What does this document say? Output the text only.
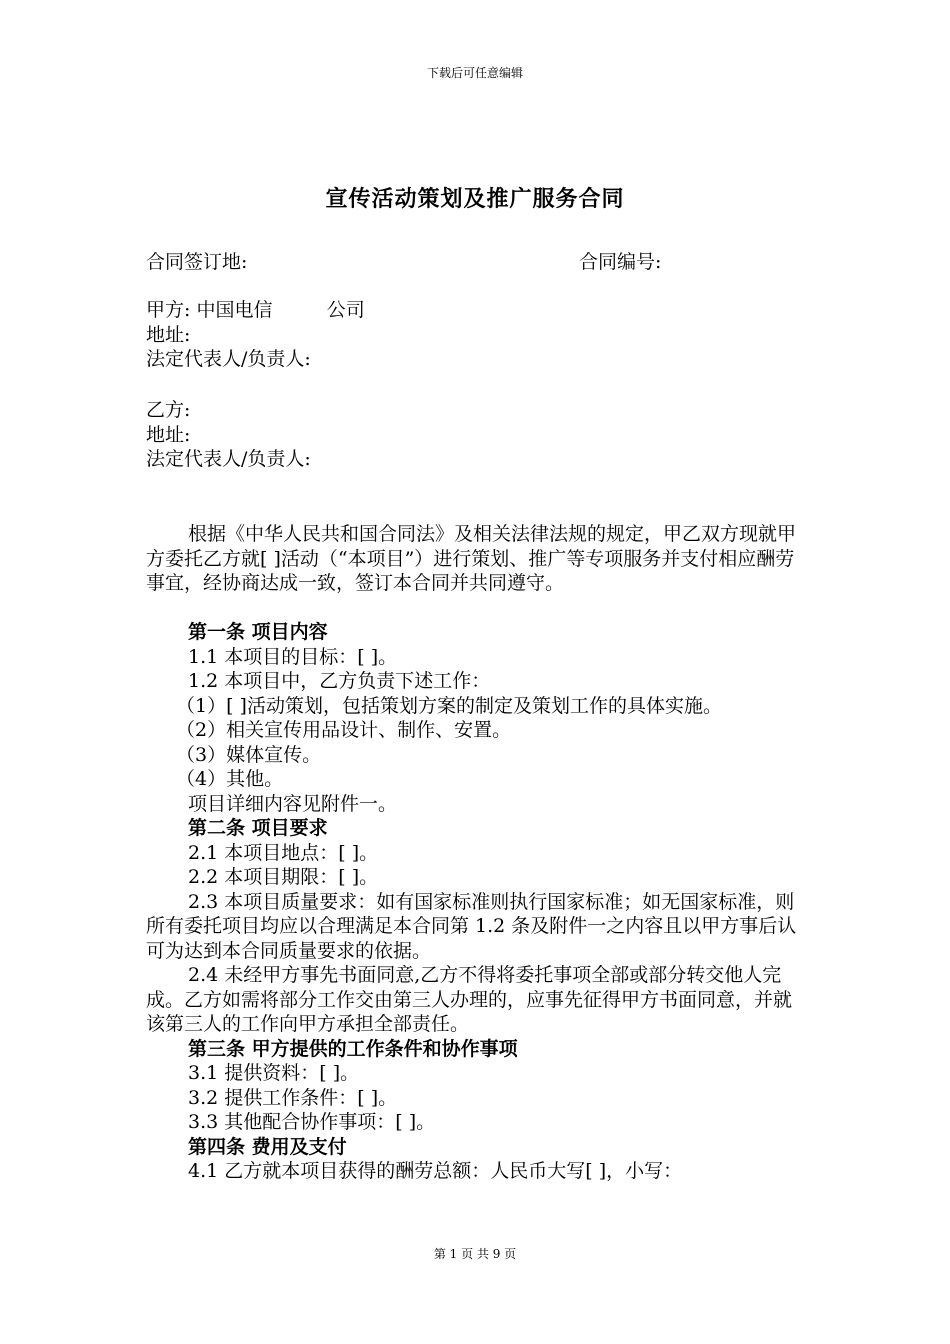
下载后可任意编辑
宣传活动策划及推广服务合同
合同签订地:	合同编号:
甲方: 中国电信         公司
地址:
法定代表人/负责人:
乙方:
地址:
法定代表人/负责人:

根据《中华人民共和国合同法》及相关法律法规的规定，甲乙双方现就甲方委托乙方就[ ]活动（“本项目”）进行策划、推广等专项服务并支付相应酬劳事宜，经协商达成一致，签订本合同并共同遵守。

第一条 项目内容

1.1 本项目的目标：[ ]。

1.2 本项目中，乙方负责下述工作：

（1）[ ]活动策划，包括策划方案的制定及策划工作的具体实施。

（2）相关宣传用品设计、制作、安置。

（3）媒体宣传。

（4）其他。

项目详细内容见附件一。

第二条 项目要求

2.1 本项目地点：[ ]。

2.2 本项目期限：[ ]。

2.3 本项目质量要求：如有国家标准则执行国家标准；如无国家标准，则所有委托项目均应以合理满足本合同第 1.2 条及附件一之内容且以甲方事后认可为达到本合同质量要求的依据。

2.4 未经甲方事先书面同意,乙方不得将委托事项全部或部分转交他人完成。乙方如需将部分工作交由第三人办理的，应事先征得甲方书面同意，并就该第三人的工作向甲方承担全部责任。

第三条 甲方提供的工作条件和协作事项

3.1 提供资料：[ ]。

3.2 提供工作条件：[ ]。

3.3 其他配合协作事项：[ ]。

第四条 费用及支付

4.1 乙方就本项目获得的酬劳总额：人民币大写[ ]，小写：

第 1 页 共 9 页
